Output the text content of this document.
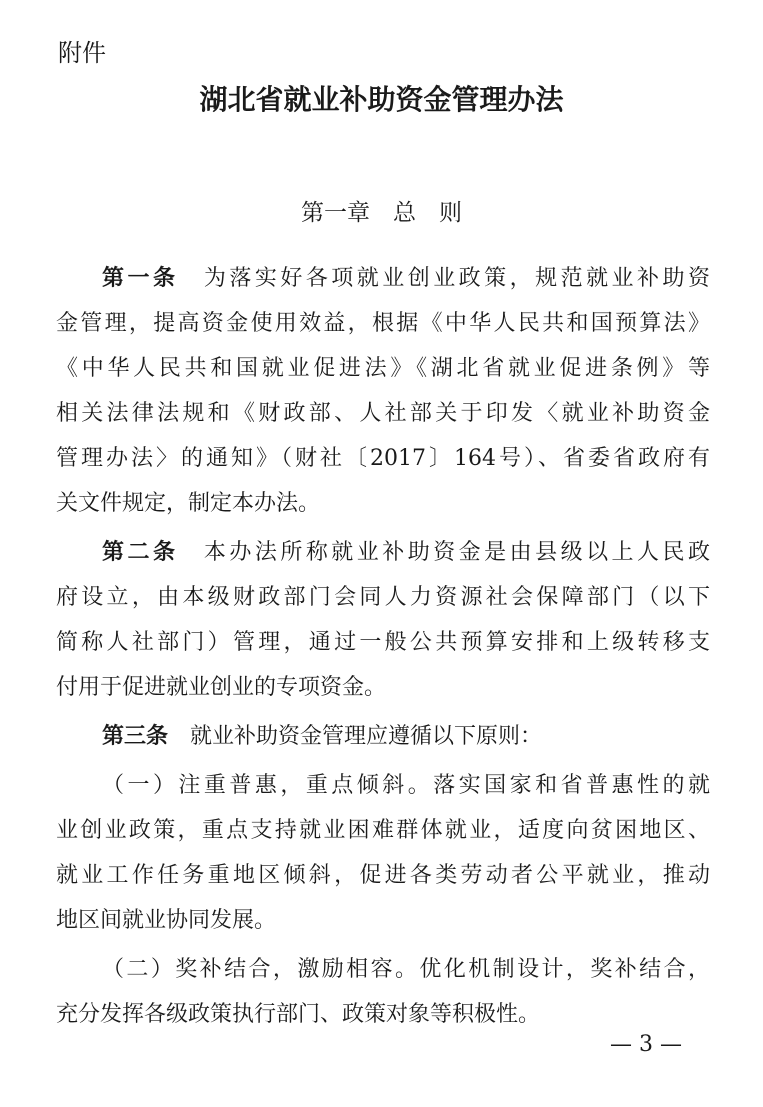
附件
湖北省就业补助资金管理办法
第一章　总　则
第一条　 为落实好各项就业创业政策，规范就业补助资
金管理，提高资金使用效益，根据《中华人民共和国预算法》
《中华人民共和国就业促进法》《湖北省就业促进条例》等
相关法律法规和《财政部、人社部关于印发〈就业补助资金
管理办法〉的通知》（财社〔2017〕164号）、省委省政府有
关文件规定，制定本办法。
第二条　 本办法所称就业补助资金是由县级以上人民政
府设立，由本级财政部门会同人力资源社会保障部门（以下
简称人社部门）管理，通过一般公共预算安排和上级转移支
付用于促进就业创业的专项资金。
第三条　 就业补助资金管理应遵循以下原则：
（一）注重普惠，重点倾斜。落实国家和省普惠性的就
业创业政策，重点支持就业困难群体就业，适度向贫困地区、
就业工作任务重地区倾斜，促进各类劳动者公平就业，推动
地区间就业协同发展。
（二）奖补结合，激励相容。优化机制设计，奖补结合，
充分发挥各级政策执行部门、政策对象等积极性。
— 3 —
